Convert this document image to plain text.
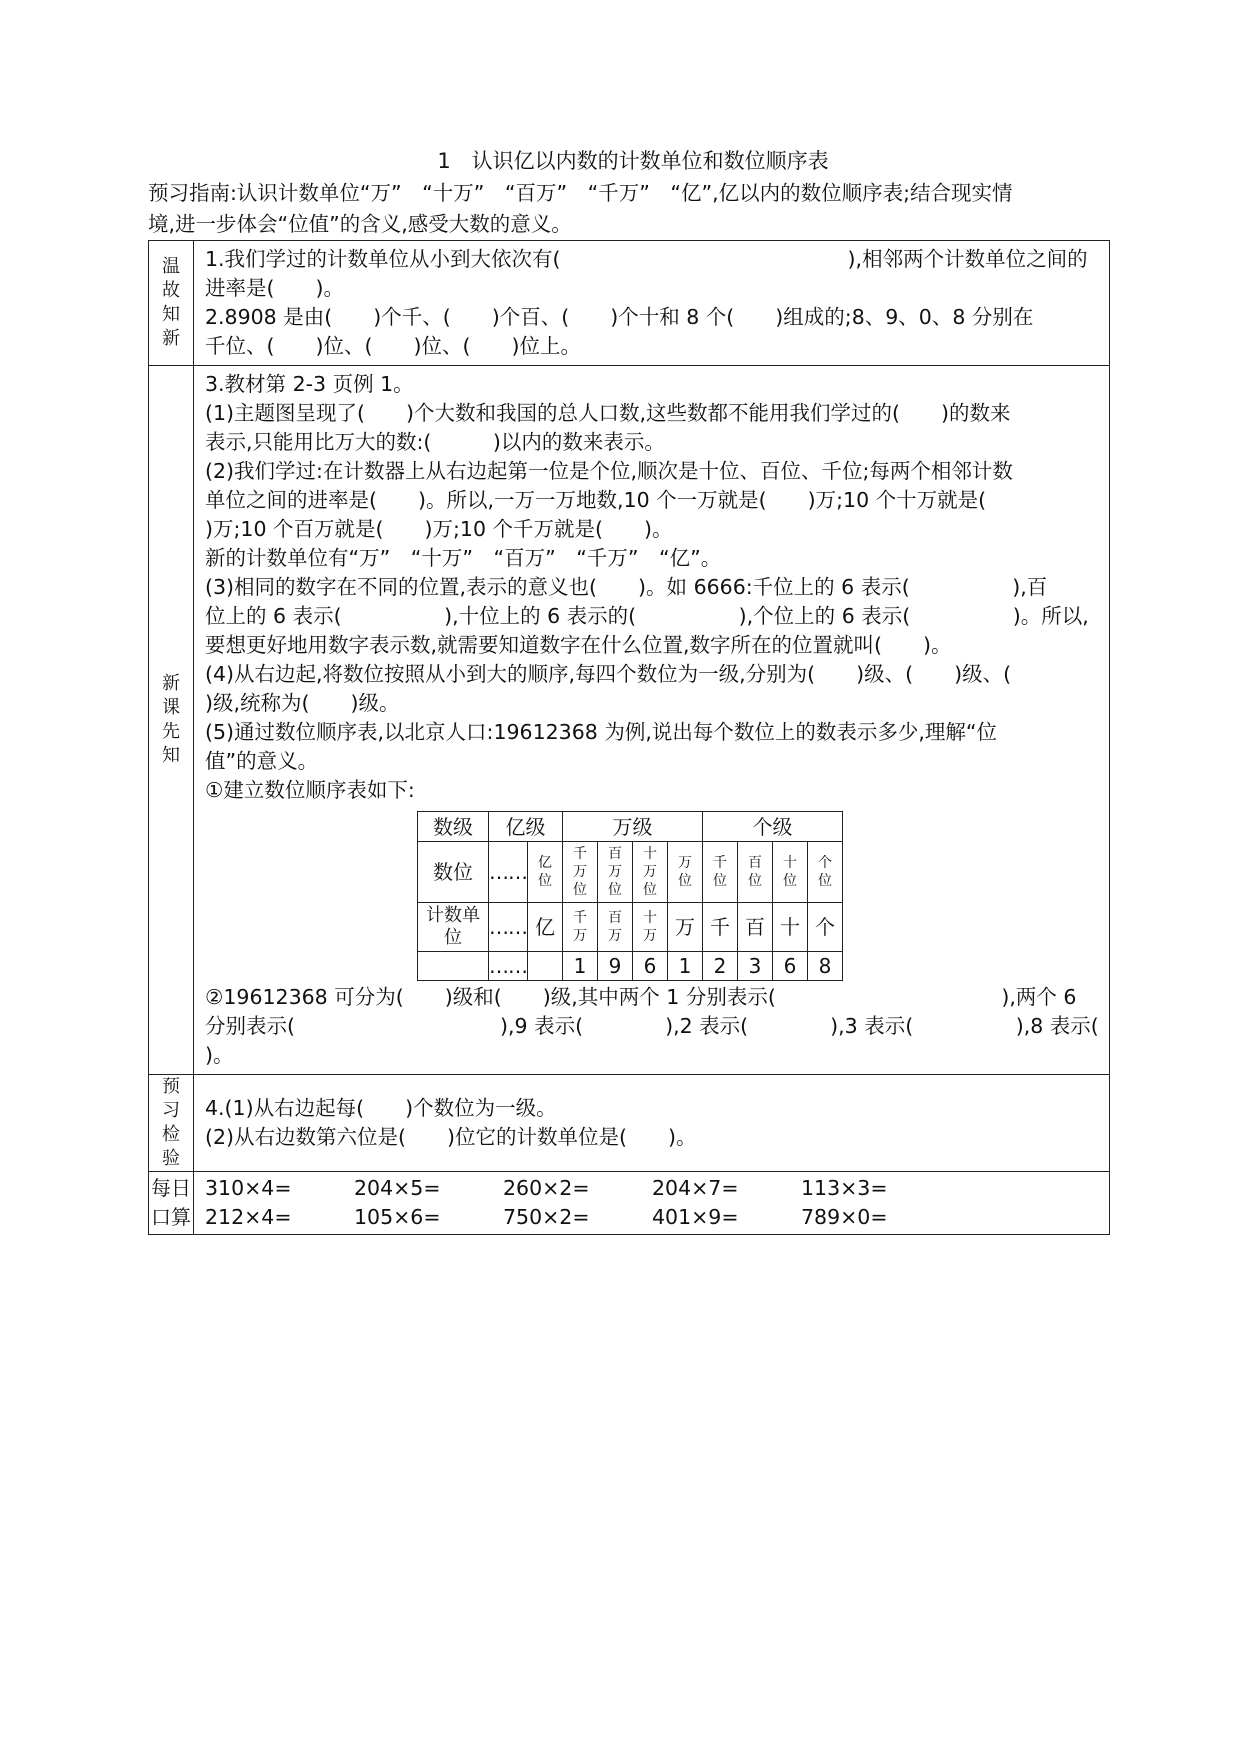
1　认识亿以内数的计数单位和数位顺序表
预习指南:认识计数单位“万”　“十万”　“百万”　“千万”　“亿”,亿以内的数位顺序表;结合现实情
境,进一步体会“位值”的含义,感受大数的意义。
温故知新	
1.我们学过的计数单位从小到大依次有(　　　　　　　　　　　　　　),相邻两个计数单位之间的
进率是(　　)。
2.8908 是由(　　)个千、(　　)个百、(　　)个十和 8 个(　　)组成的;8、9、0、8 分别在
千位、(　　)位、(　　)位、(　　)位上。

新课先知	
3.教材第 2-3 页例 1。
(1)主题图呈现了(　　)个大数和我国的总人口数,这些数都不能用我们学过的(　　)的数来
表示,只能用比万大的数:(　　　)以内的数来表示。
(2)我们学过:在计数器上从右边起第一位是个位,顺次是十位、百位、千位;每两个相邻计数
单位之间的进率是(　　)。所以,一万一万地数,10 个一万就是(　　)万;10 个十万就是(
)万;10 个百万就是(　　)万;10 个千万就是(　　)。
新的计数单位有“万”　“十万”　“百万”　“千万”　“亿”。
(3)相同的数字在不同的位置,表示的意义也(　　)。如 6666:千位上的 6 表示(　　　　　),百
位上的 6 表示(　　　　　),十位上的 6 表示的(　　　　　),个位上的 6 表示(　　　　　)。所以,
要想更好地用数字表示数,就需要知道数字在什么位置,数字所在的位置就叫(　　)。
(4)从右边起,将数位按照从小到大的顺序,每四个数位为一级,分别为(　　)级、(　　)级、(
)级,统称为(　　)级。
(5)通过数位顺序表,以北京人口:19612368 为例,说出每个数位上的数表示多少,理解“位
值”的意义。
①建立数位顺序表如下:
数级	亿级	万级	个级
数位	……	亿位	千万位	百万位	十万位	万位	千位	百位	十位	个位
计数单位	……	亿	千万	百万	十万	万	千	百	十	个
	……		1	9	6	1	2	3	6	8
②19612368 可分为(　　)级和(　　)级,其中两个 1 分别表示(　　　　　　　　　　　),两个 6
分别表示(　　　　　　　　　　),9 表示(　　　　),2 表示(　　　　),3 表示(　　　　　),8 表示(
)。

预习检验	
4.(1)从右边起每(　　)个数位为一级。
(2)从右边数第六位是(　　)位它的计数单位是(　　)。

每日口算	
310×4=	204×5=	260×2=	204×7=	113×3=
212×4=	105×6=	750×2=	401×9=	789×0=
